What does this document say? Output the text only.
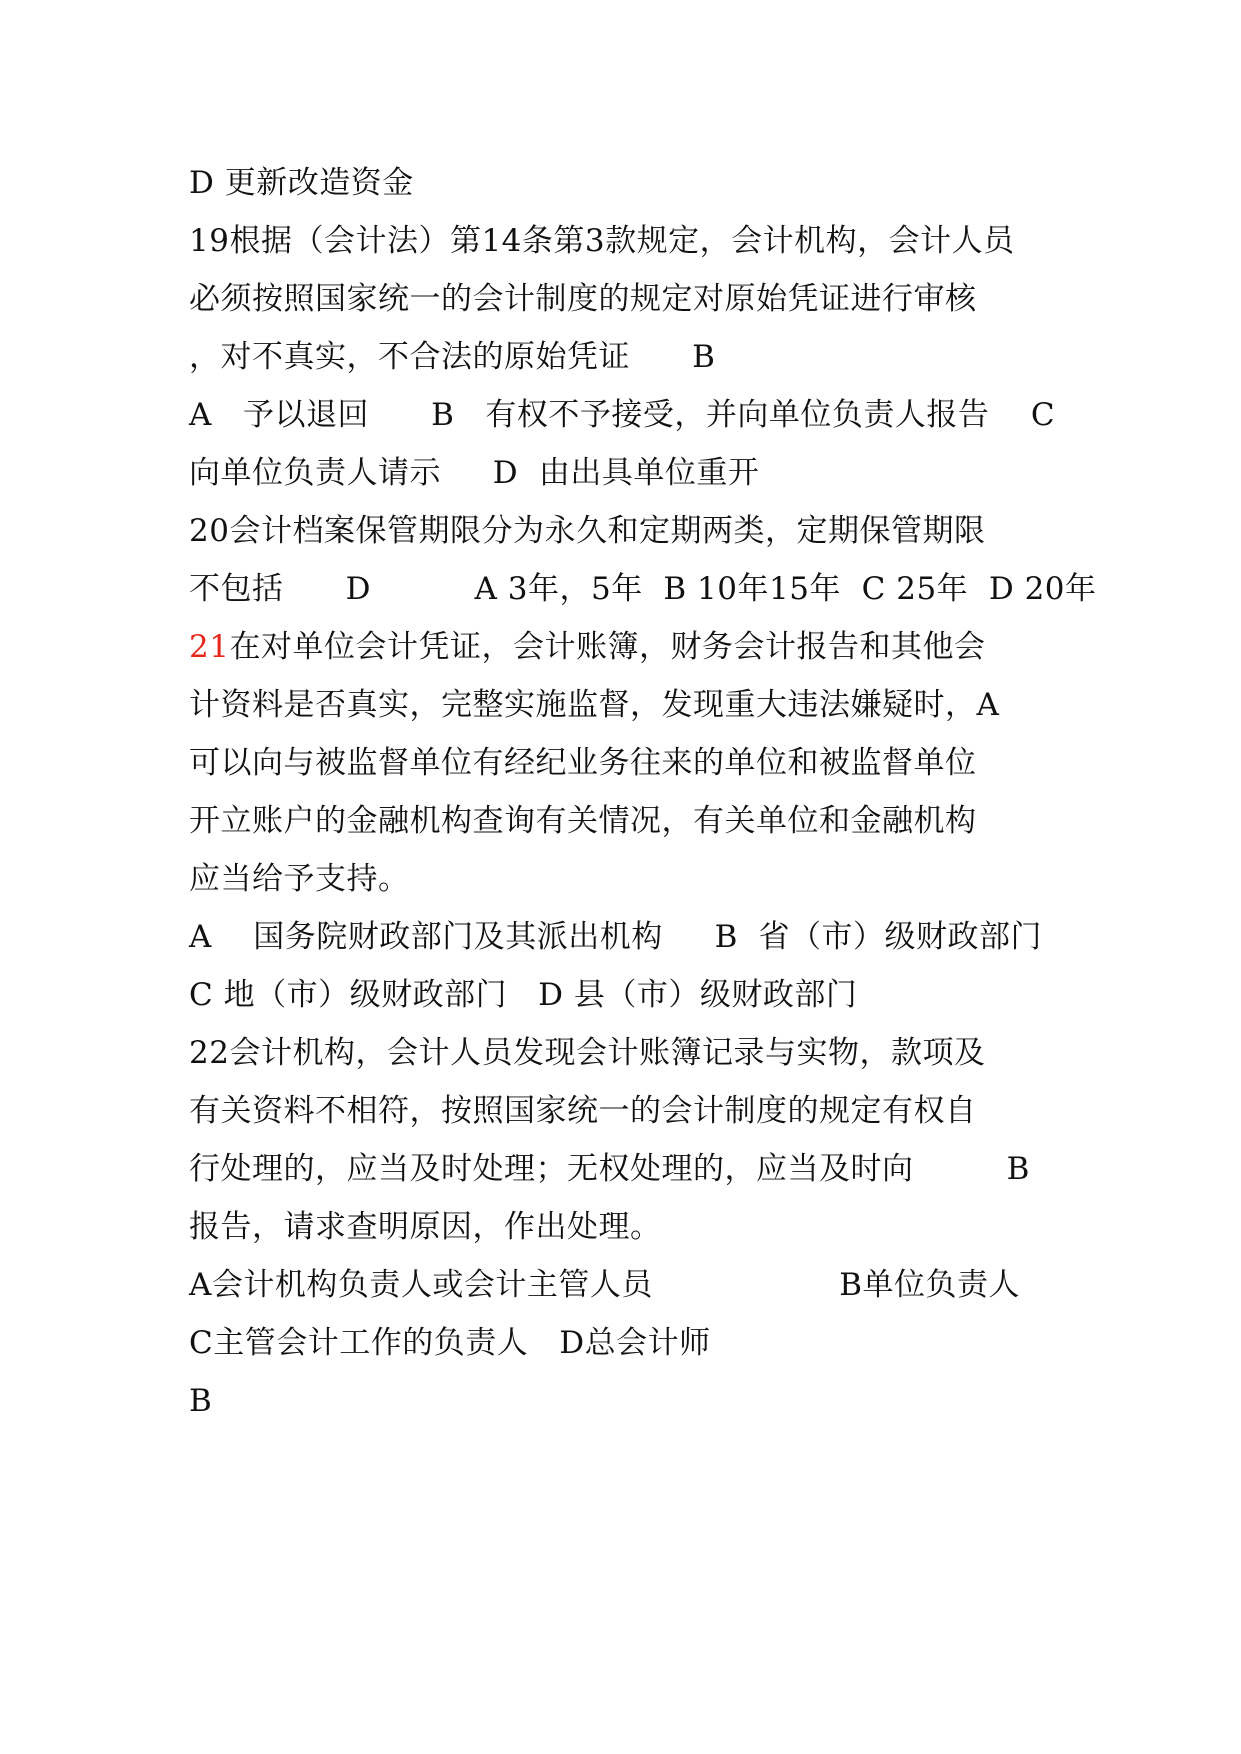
D 更新改造资金
19根据（会计法）第14条第3款规定，会计机构，会计人员
必须按照国家统一的会计制度的规定对原始凭证进行审核
，对不真实，不合法的原始凭证      B
A   予以退回      B   有权不予接受，并向单位负责人报告    C
向单位负责人请示     D  由出具单位重开
20会计档案保管期限分为永久和定期两类，定期保管期限
不包括      D          A 3年，5年  B 10年15年  C 25年  D 20年
21在对单位会计凭证，会计账簿，财务会计报告和其他会
计资料是否真实，完整实施监督，发现重大违法嫌疑时，A
可以向与被监督单位有经纪业务往来的单位和被监督单位
开立账户的金融机构查询有关情况，有关单位和金融机构
应当给予支持。
A    国务院财政部门及其派出机构     B  省（市）级财政部门
C 地（市）级财政部门   D 县（市）级财政部门
22会计机构，会计人员发现会计账簿记录与实物，款项及
有关资料不相符，按照国家统一的会计制度的规定有权自
行处理的，应当及时处理；无权处理的，应当及时向         B
报告，请求查明原因，作出处理。
A会计机构负责人或会计主管人员                  B单位负责人
C主管会计工作的负责人   D总会计师
B
